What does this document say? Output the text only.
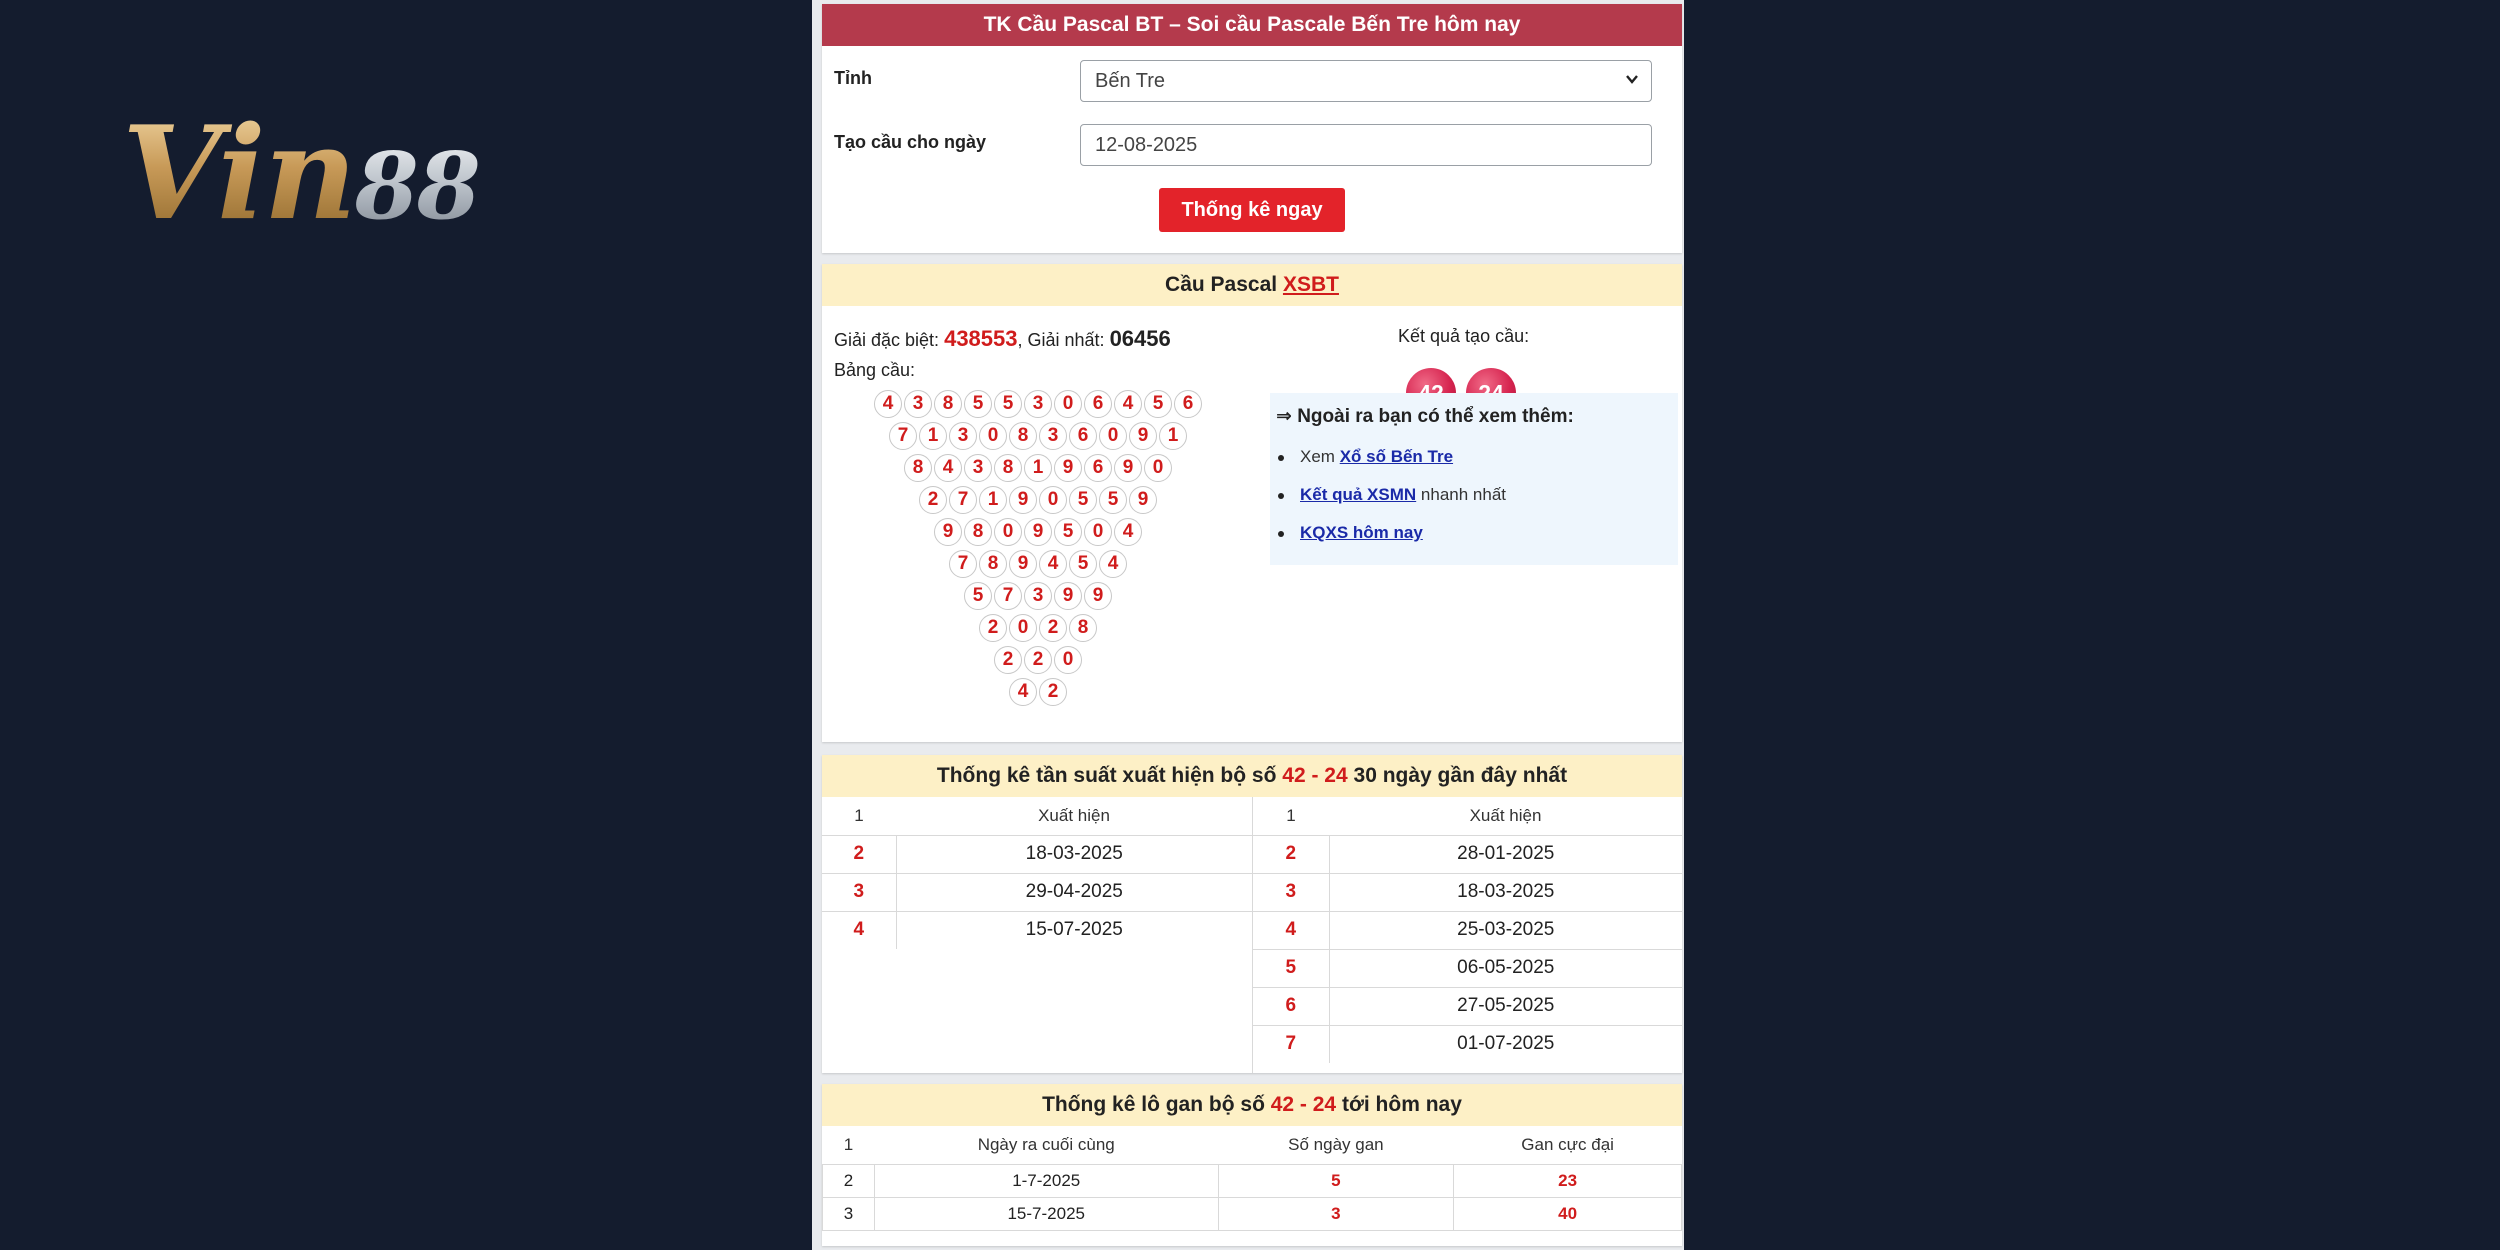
Vin88
TK Cầu Pascal BT – Soi cầu Pascale Bến Tre hôm nay
Tỉnh	Bến Tre
Tạo cầu cho ngày	12-08-2025
Thống kê ngay
Cầu Pascal
XSBT
Giải đặc biệt: 438553, Giải nhất: 06456
Bảng cầu:
4	3	8	5	5	3	0	6	4	5	6
7	1	3	0	8	3	6	0	9	1
8	4	3	8	1	9	6	9	0
2	7	1	9	0	5	5	9
9	8	0	9	5	0	4
7	8	9	4	5	4
5	7	3	9	9
2	0	2	8
2	2	0
4	2
Kết quả tạo cầu:
⇒ Ngoài ra bạn có thể xem thêm:
Xem Xổ số Bến Tre
Kết quả XSMN nhanh nhất
KQXS hôm nay
Thống kê tần suất xuất hiện bộ số
42 - 24
30 ngày gần đây nhất
1	Xuất hiện
2	18-03-2025
3	29-04-2025
4	15-07-2025
1	Xuất hiện
2	28-01-2025
3	18-03-2025
4	25-03-2025
5	06-05-2025
6	27-05-2025
7	01-07-2025
Thống kê lô gan bộ số
42 - 24
tới hôm nay
1	Ngày ra cuối cùng	Số ngày gan	Gan cực đại
2	1-7-2025	5	23
3	15-7-2025	3	40
